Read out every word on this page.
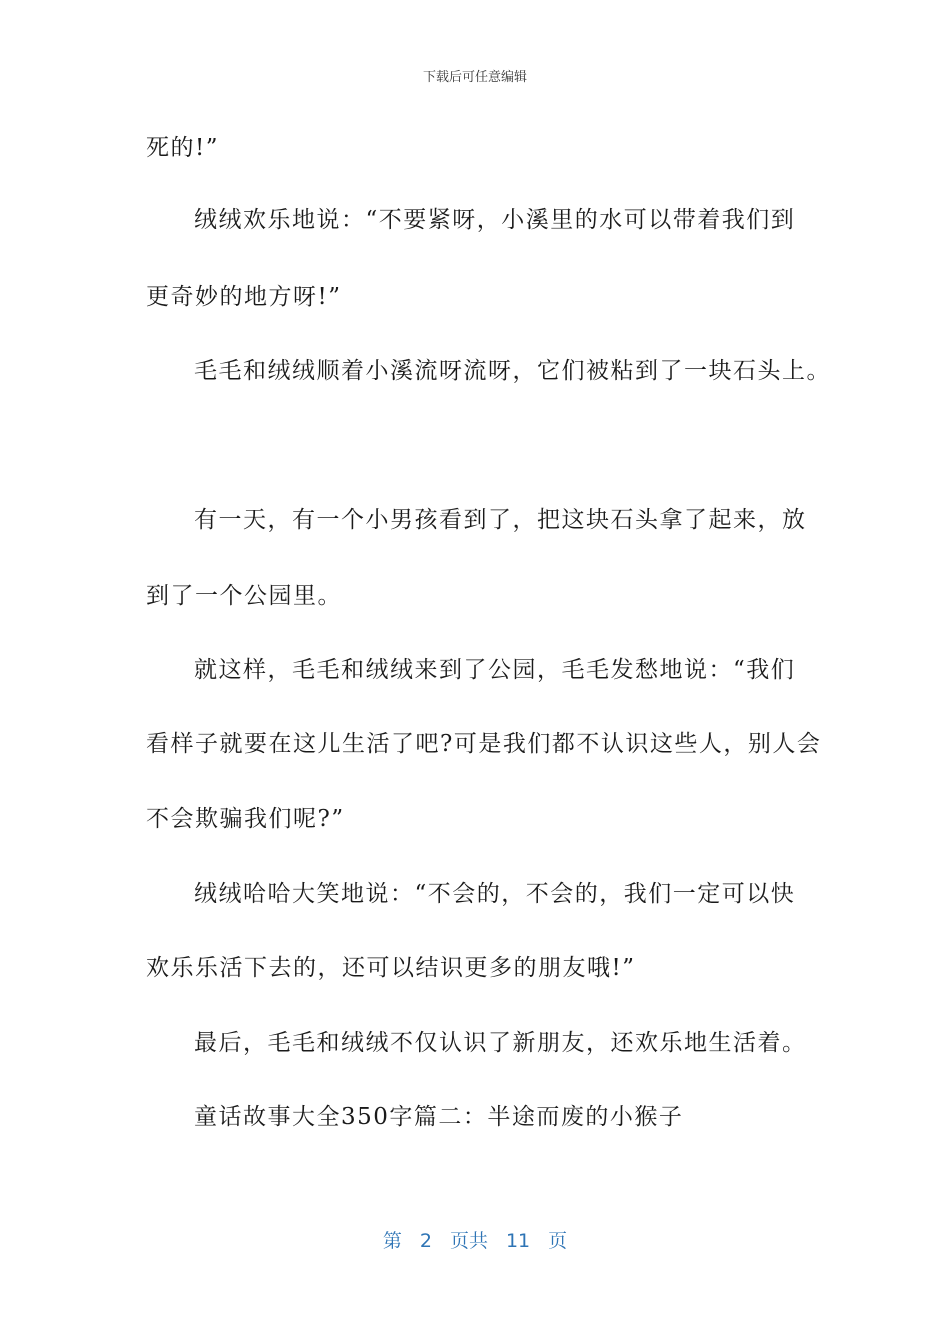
下载后可任意编辑
死的!”
绒绒欢乐地说：“不要紧呀，小溪里的水可以带着我们到
更奇妙的地方呀!”
毛毛和绒绒顺着小溪流呀流呀，它们被粘到了一块石头上。
有一天，有一个小男孩看到了，把这块石头拿了起来，放
到了一个公园里。
就这样，毛毛和绒绒来到了公园，毛毛发愁地说：“我们
看样子就要在这儿生活了吧?可是我们都不认识这些人，别人会
不会欺骗我们呢?”
绒绒哈哈大笑地说：“不会的，不会的，我们一定可以快
欢乐乐活下去的，还可以结识更多的朋友哦!”
最后，毛毛和绒绒不仅认识了新朋友，还欢乐地生活着。
童话故事大全350字篇二：半途而废的小猴子
第 2 页共 11 页
